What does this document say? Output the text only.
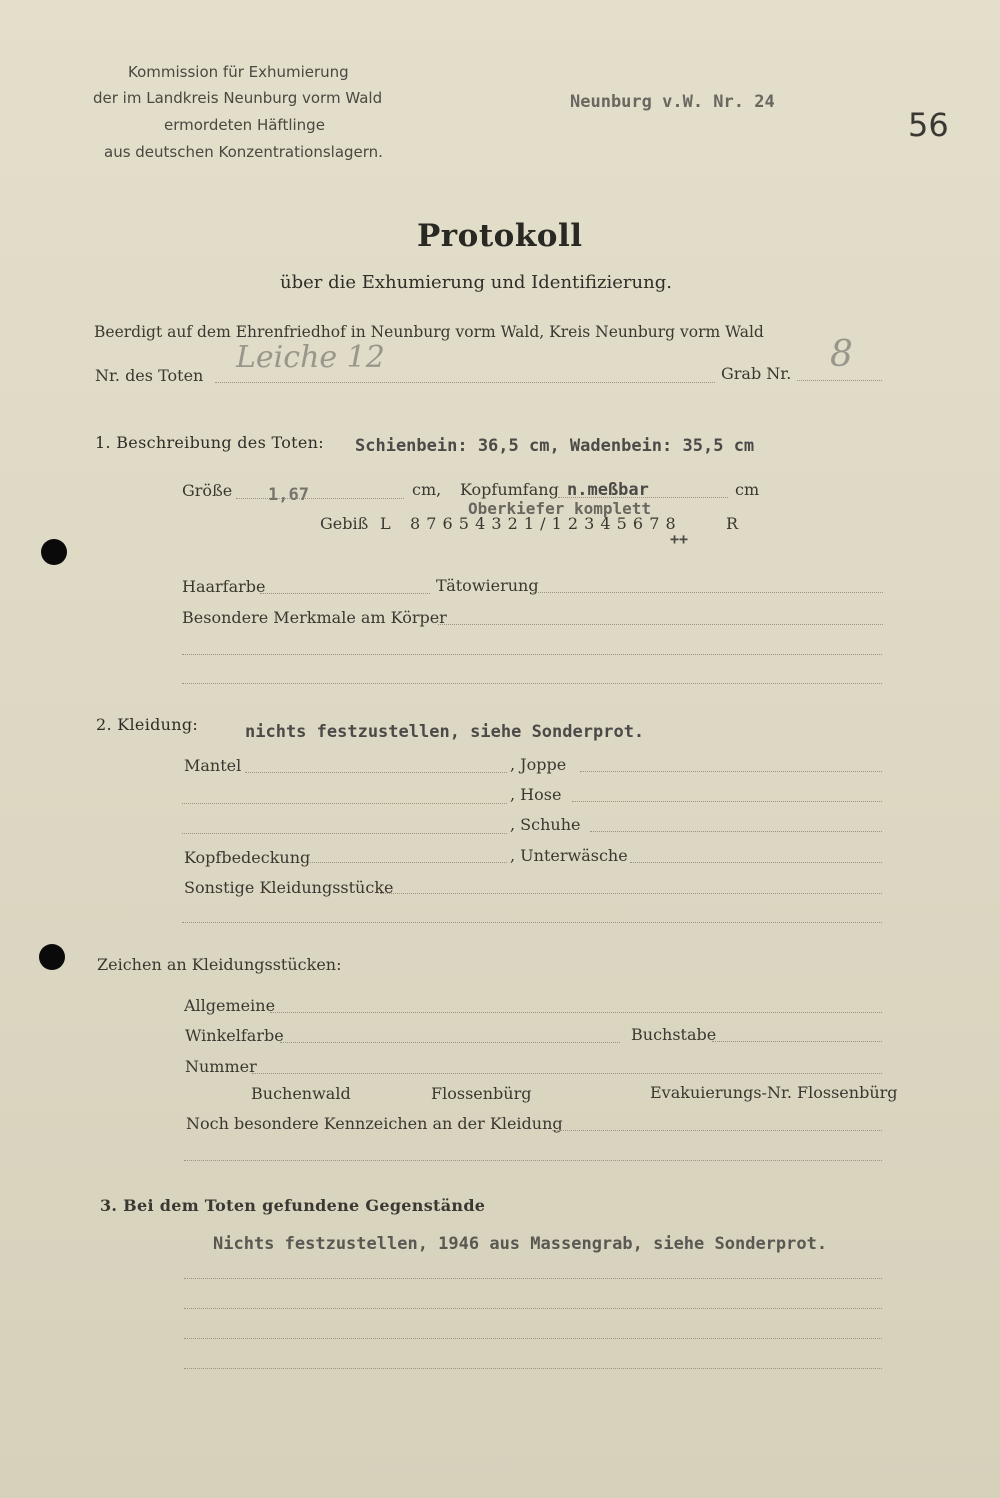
Kommission für Exhumierung
der im Landkreis Neunburg vorm Wald
ermordeten Häftlinge
aus deutschen Konzentrationslagern.
Neunburg v.W. Nr. 24
56
Protokoll
über die Exhumierung und Identifizierung.
Beerdigt auf dem Ehrenfriedhof in Neunburg vorm Wald, Kreis Neunburg vorm Wald
Nr. des Toten
Leiche 12	Grab Nr. 8
1. Beschreibung des Toten: Schienbein: 36,5 cm, Wadenbein: 35,5 cm
Größe 1,67	cm, Kopfumfang n.meßbar	cm
Oberkiefer komplett
Gebiß L 8 7 6 5 4 3 2 1 / 1 2 3 4 5 6 7 8	R
++
Haarfarbe	Tätowierung
Besondere Merkmale am Körper
2. Kleidung:	nichts festzustellen, siehe Sonderprot.
Mantel	, Joppe
, Hose
, Schuhe
Kopfbedeckung	, Unterwäsche
Sonstige Kleidungsstücke
Zeichen an Kleidungsstücken:
Allgemeine
Winkelfarbe	Buchstabe
Nummer
Buchenwald	Flossenbürg	Evakuierungs-Nr. Flossenbürg
Noch besondere Kennzeichen an der Kleidung
3. Bei dem Toten gefundene Gegenstände
Nichts festzustellen, 1946 aus Massengrab, siehe Sonderprot.
